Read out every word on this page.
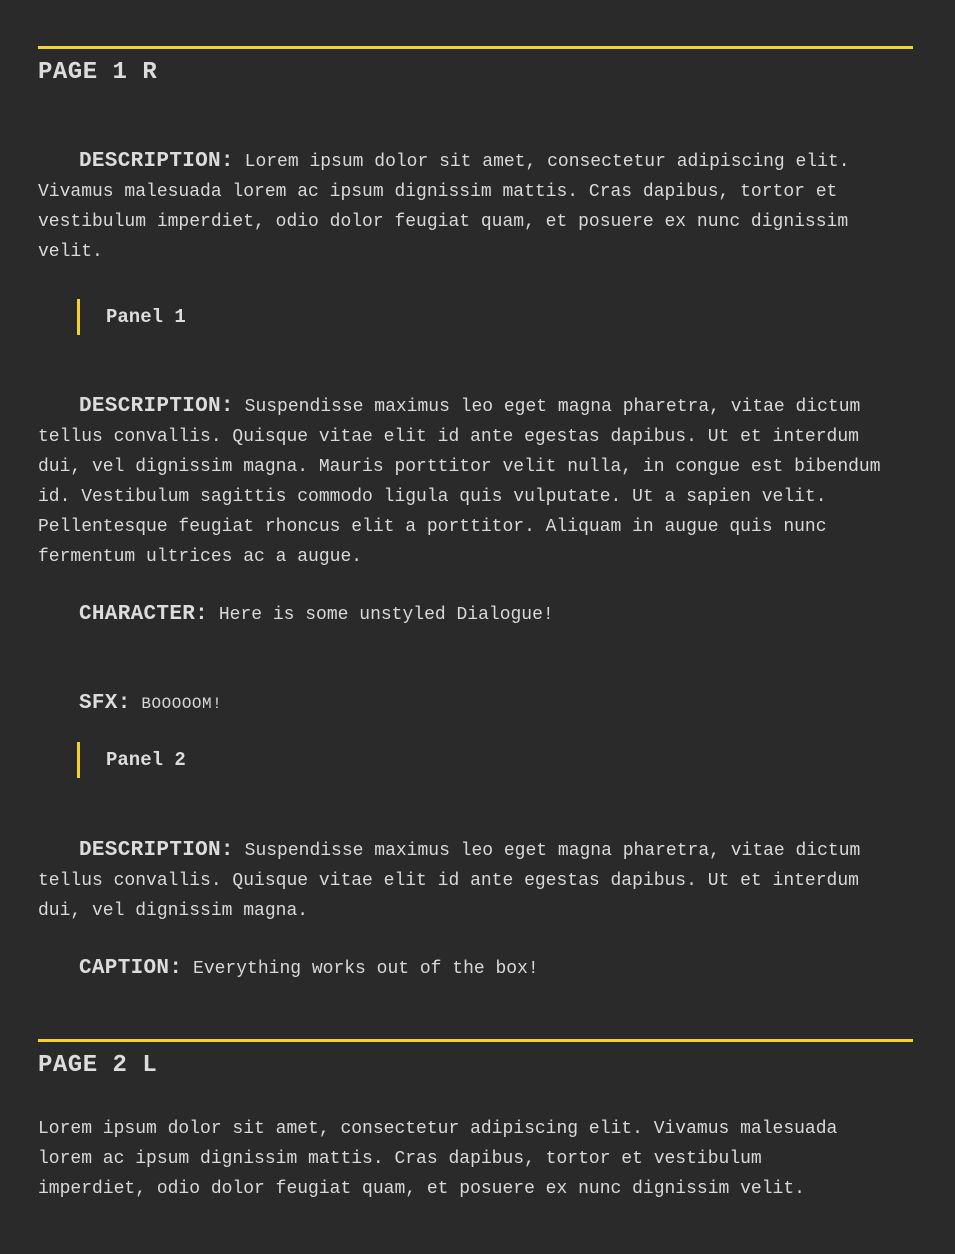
PAGE 1 R

DESCRIPTION: Lorem ipsum dolor sit amet, consectetur adipiscing elit. Vivamus malesuada lorem ac ipsum dignissim mattis. Cras dapibus, tortor et vestibulum imperdiet, odio dolor feugiat quam, et posuere ex nunc dignissim velit.

Panel 1

DESCRIPTION: Suspendisse maximus leo eget magna pharetra, vitae dictum tellus convallis. Quisque vitae elit id ante egestas dapibus. Ut et interdum dui, vel dignissim magna. Mauris porttitor velit nulla, in congue est bibendum id. Vestibulum sagittis commodo ligula quis vulputate. Ut a sapien velit. Pellentesque feugiat rhoncus elit a porttitor. Aliquam in augue quis nunc fermentum ultrices ac a augue.

CHARACTER: Here is some unstyled Dialogue!
SFX: BOOOOOM!
Panel 2

DESCRIPTION: Suspendisse maximus leo eget magna pharetra, vitae dictum tellus convallis. Quisque vitae elit id ante egestas dapibus. Ut et interdum dui, vel dignissim magna.

CAPTION: Everything works out of the box!
PAGE 2 L

Lorem ipsum dolor sit amet, consectetur adipiscing elit. Vivamus malesuada lorem ac ipsum dignissim mattis. Cras dapibus, tortor et vestibulum imperdiet, odio dolor feugiat quam, et posuere ex nunc dignissim velit.
